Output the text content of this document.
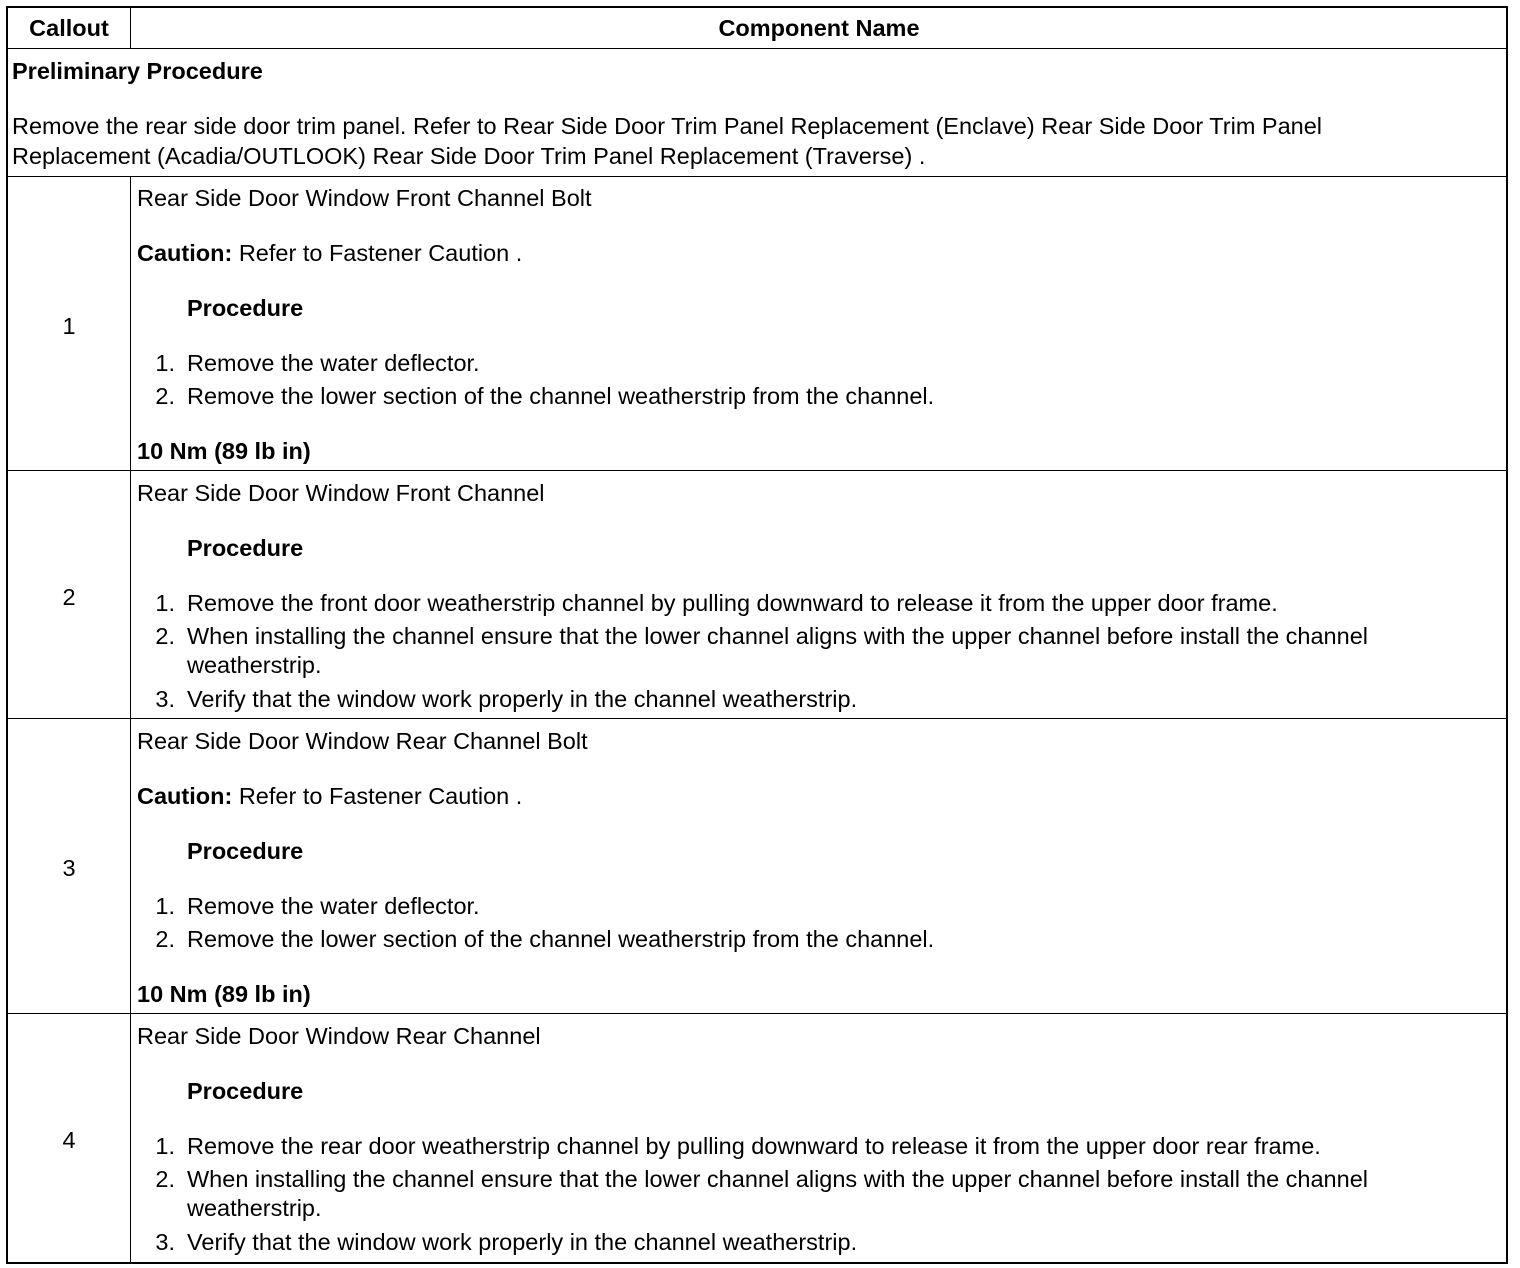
Callout	Component Name
Preliminary Procedure
Remove the rear side door trim panel. Refer to Rear Side Door Trim Panel Replacement (Enclave) Rear Side Door Trim Panel
Replacement (Acadia/OUTLOOK) Rear Side Door Trim Panel Replacement (Traverse) .
1
Rear Side Door Window Front Channel Bolt
Caution: Refer to Fastener Caution .
Procedure
1. Remove the water deflector.
2. Remove the lower section of the channel weatherstrip from the channel.
10 Nm (89 lb in)
2
Rear Side Door Window Front Channel
Procedure
1. Remove the front door weatherstrip channel by pulling downward to release it from the upper door frame.
2. When installing the channel ensure that the lower channel aligns with the upper channel before install the channel
weatherstrip.
3. Verify that the window work properly in the channel weatherstrip.
3
Rear Side Door Window Rear Channel Bolt
Caution: Refer to Fastener Caution .
Procedure
1. Remove the water deflector.
2. Remove the lower section of the channel weatherstrip from the channel.
10 Nm (89 lb in)
4
Rear Side Door Window Rear Channel
Procedure
1. Remove the rear door weatherstrip channel by pulling downward to release it from the upper door rear frame.
2. When installing the channel ensure that the lower channel aligns with the upper channel before install the channel
weatherstrip.
3. Verify that the window work properly in the channel weatherstrip.
